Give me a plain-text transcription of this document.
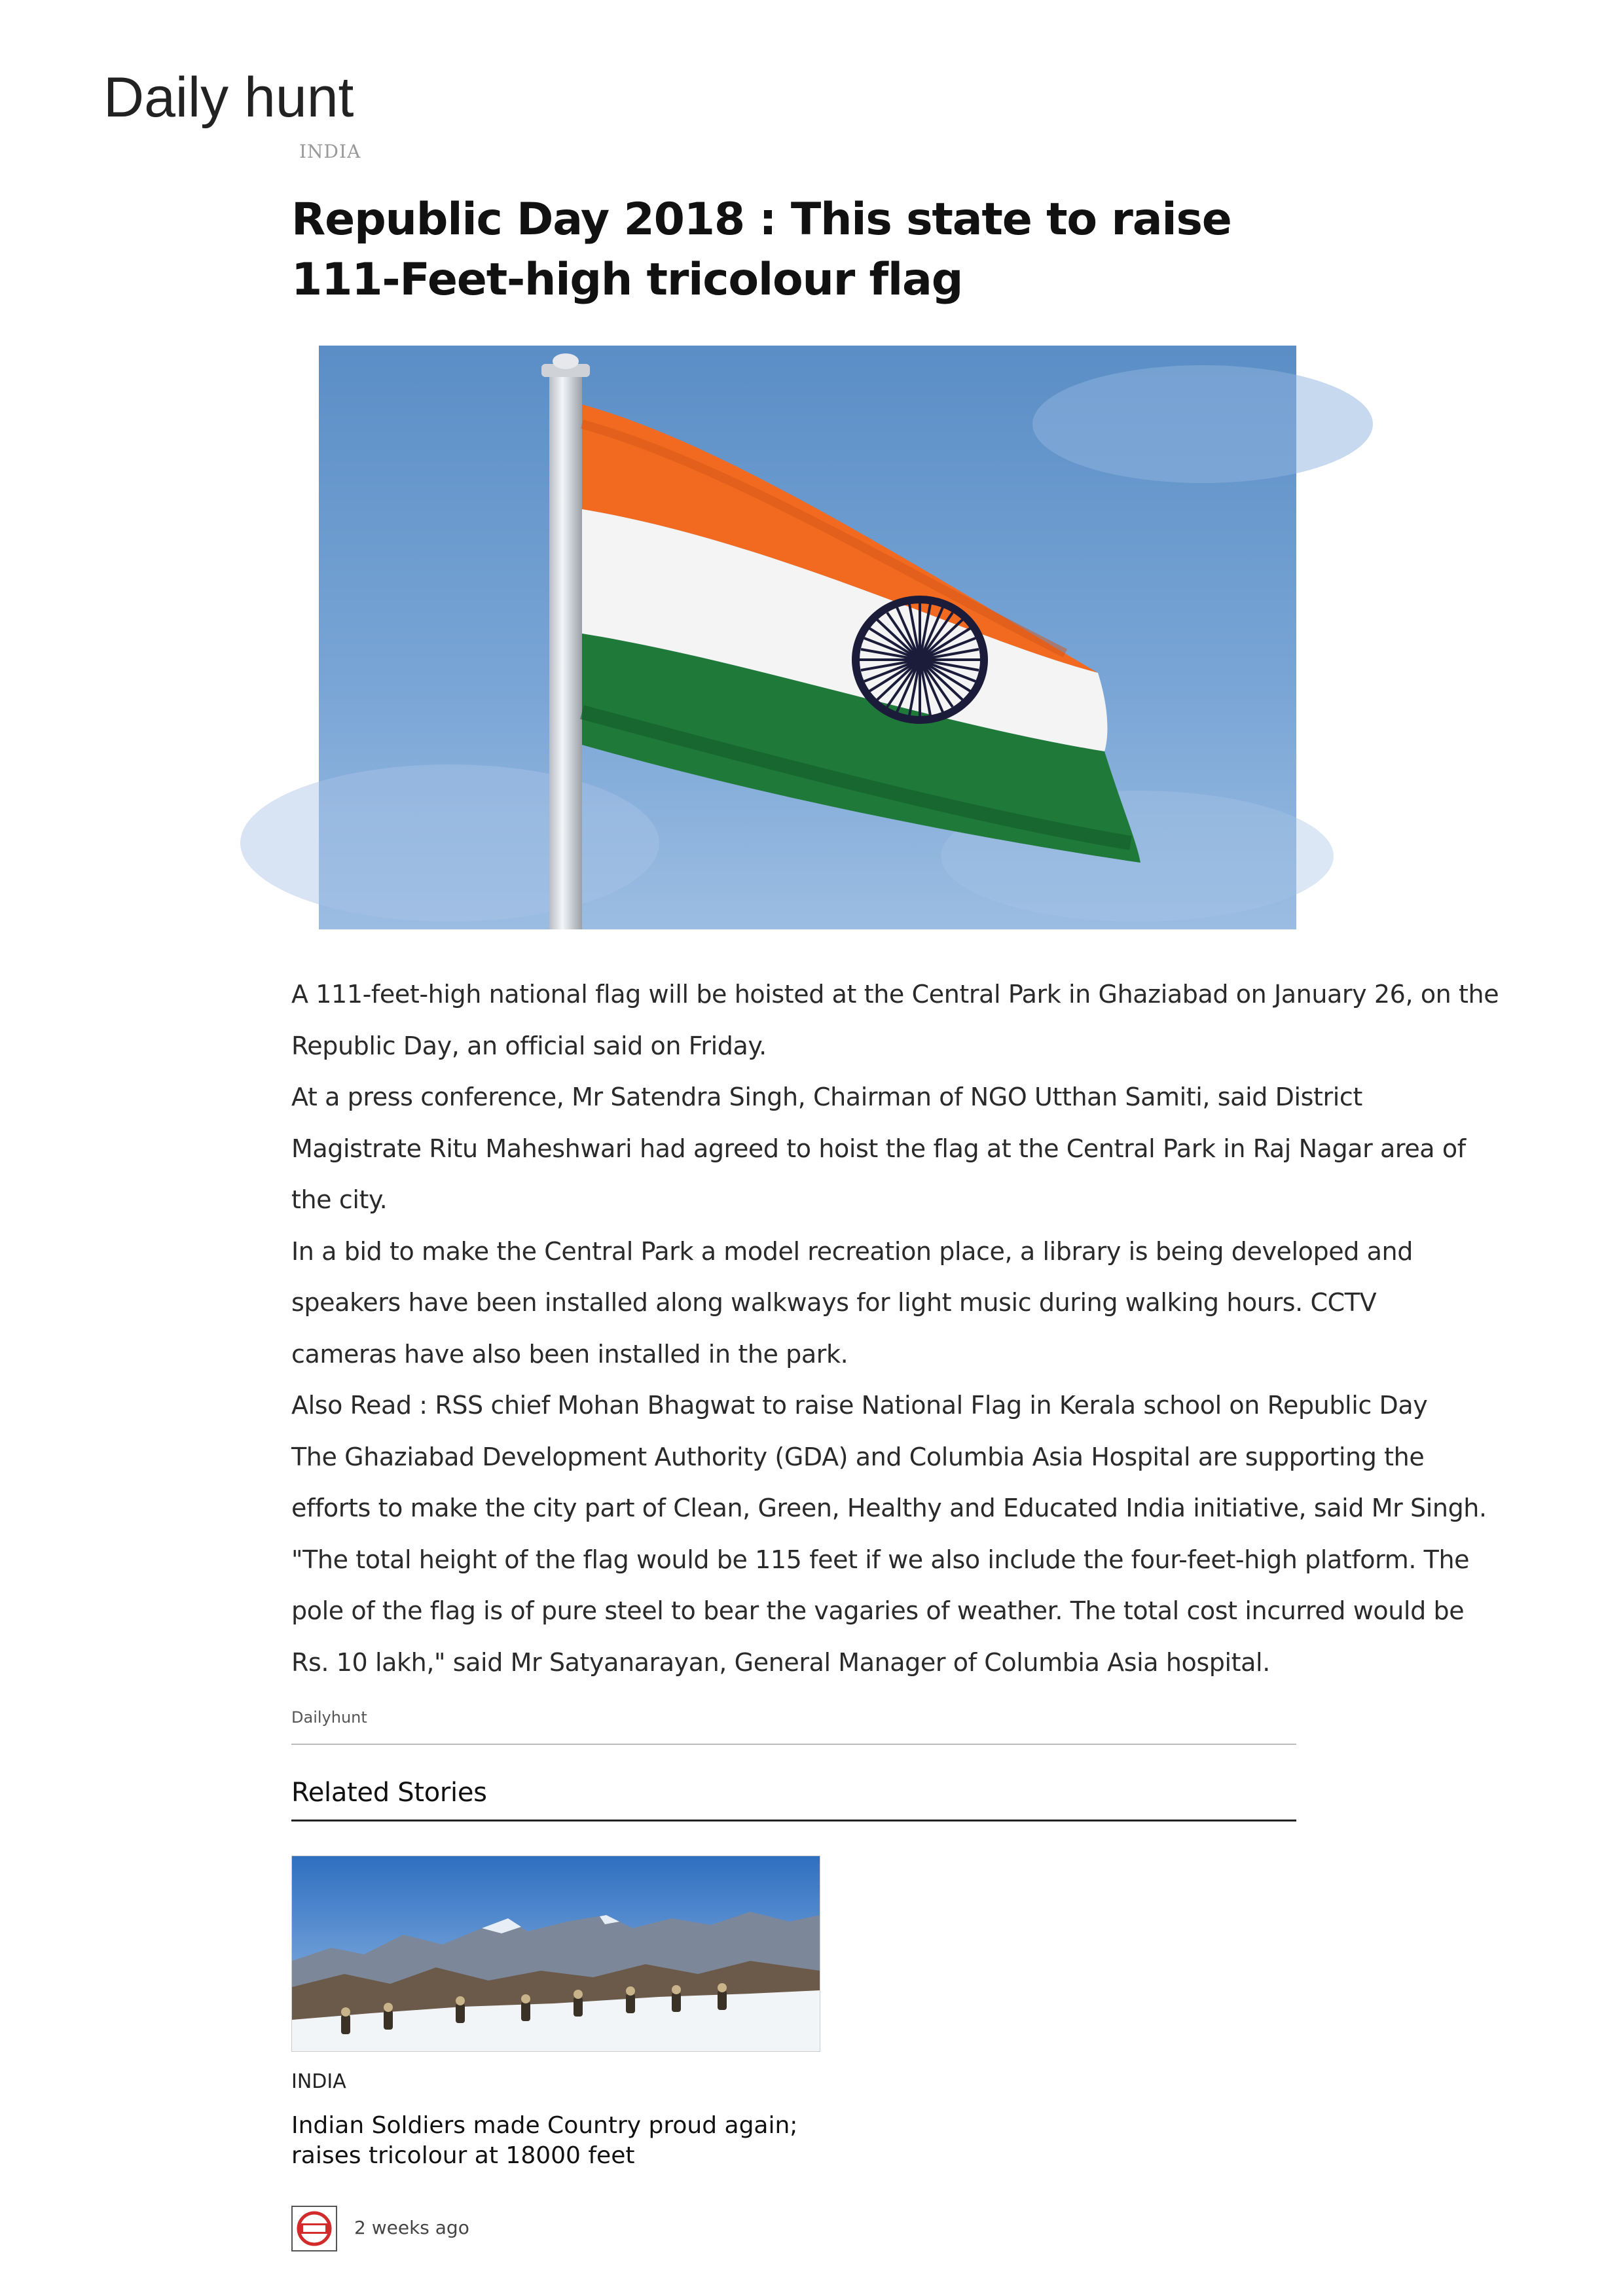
Daily hunt
INDIA
Republic Day 2018 : This state to raise 111-Feet-high tricolour flag

A 111-feet-high national flag will be hoisted at the Central Park in Ghaziabad on January 26, on the

Republic Day, an official said on Friday.

At a press conference, Mr Satendra Singh, Chairman of NGO Utthan Samiti, said District

Magistrate Ritu Maheshwari had agreed to hoist the flag at the Central Park in Raj Nagar area of

the city.

In a bid to make the Central Park a model recreation place, a library is being developed and

speakers have been installed along walkways for light music during walking hours. CCTV

cameras have also been installed in the park.

Also Read : RSS chief Mohan Bhagwat to raise National Flag in Kerala school on Republic Day

The Ghaziabad Development Authority (GDA) and Columbia Asia Hospital are supporting the

efforts to make the city part of Clean, Green, Healthy and Educated India initiative, said Mr Singh.

"The total height of the flag would be 115 feet if we also include the four-feet-high platform. The

pole of the flag is of pure steel to bear the vagaries of weather. The total cost incurred would be

Rs. 10 lakh," said Mr Satyanarayan, General Manager of Columbia Asia hospital.

Dailyhunt
Related Stories
INDIA
Indian Soldiers made Country proud again; raises tricolour at 18000 feet
2 weeks ago
